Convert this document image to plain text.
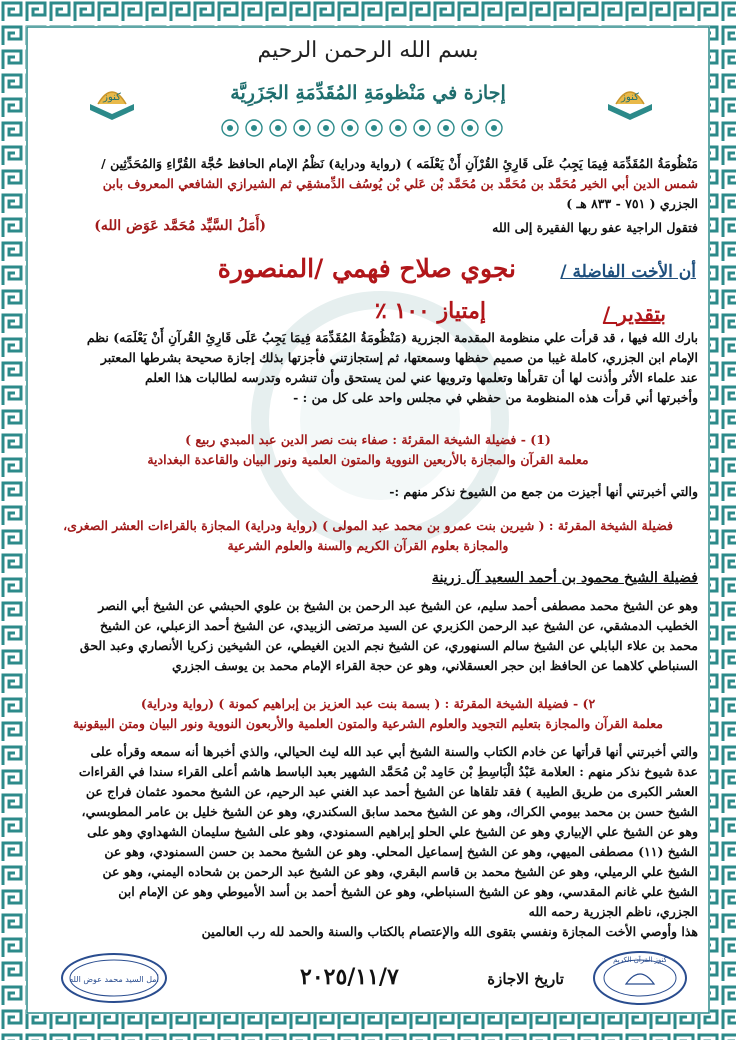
بسم الله الرحمن الرحيم
إجازة في مَنْظومَةِ المُقَدِّمَةِ الجَزَرِيَّة	كنوز
كنوز
مَنْظُومَةُ المُقَدِّمَة فِيمَا يَجِبُ عَلَى قَارِئِ القُرْآنِ أَنْ يَعْلَمَه ) (رواية ودراية) نَظْمُ الإمام الحافظ حُجَّة القُرَّاءِ وَالمُحَدِّثِين /
شمس الدين أبي الخير مُحَمَّد بن مُحَمَّد بن مُحَمَّد بْن عَلي بْن يُوسُف الدِّمشقِي ثم الشيرازي الشافعي المعروف بابن
الجزري ( ٧٥١ - ٨٣٣ هـ )
فتقول الراجية عفو ربها الفقيرة إلى الله
(أَمَلُ السَّيِّد مُحَمَّد عَوَض الله)
أن الأخت الفاضلة /
نجوي صلاح فهمي /المنصورة
بتقدير /
إمتياز ١٠٠ ٪
بارك الله فيها ، قد قرأت علي منظومة المقدمة الجزرية (مَنْظُومَةُ المُقَدِّمَة فِيمَا يَجِبُ عَلَى قَارِئِ القُرآنِ أَنْ يَعْلَمَه) نظم
الإمام ابن الجزري، كاملة غيبا من صميم حفظها وسمعتها، ثم إستجازتني فأجزتها بذلك إجازة صحيحة بشرطها المعتبر
عند علماء الأثر وأذنت لها أن تقرأها وتعلمها وترويها عني لمن يستحق وأن تنشره وتدرسه لطالبات هذا العلم
وأخبرتها أني قرأت هذه المنظومة من حفظي في مجلس واحد على كل من : -
(1) - فضيلة الشيخة المقرئة : صفاء بنت نصر الدين عبد المبدي ربيع )
معلمة القرآن والمجازة بالأربعين النووية والمتون العلمية ونور البيان والقاعدة البغدادية
والتي أخبرتني أنها أجيزت من جمع من الشيوخ نذكر منهم :-
فضيلة الشيخة المقرئة : ( شيرين بنت عمرو بن محمد عبد المولى ) (رواية ودراية) المجازة بالقراءات العشر الصغرى،
والمجازة بعلوم القرآن الكريم والسنة والعلوم الشرعية
فضيلة الشيخ محمود بن أحمد السعيد آل زرينة
وهو عن الشيخ محمد مصطفى أحمد سليم، عن الشيخ عبد الرحمن بن الشيخ بن علوي الحبشي عن الشيخ أبي النصر
الخطيب الدمشقي، عن الشيخ عبد الرحمن الكزبري عن السيد مرتضى الزبيدي، عن الشيخ أحمد الزعبلي، عن الشيخ
محمد بن علاء البابلي عن الشيخ سالم السنهوري، عن الشيخ نجم الدين الغيطي، عن الشيخين زكريا الأنصاري وعبد الحق
السنباطي كلاهما عن الحافظ ابن حجر العسقلاني، وهو عن حجة القراء الإمام محمد بن يوسف الجزري
٢) - فضيلة الشيخة المقرئة : ( بسمة بنت عبد العزيز بن إبراهيم كمونة ) (رواية ودراية)
معلمة القرآن والمجازة بتعليم التجويد والعلوم الشرعية والمتون العلمية والأربعون النووية ونور البيان ومتن البيقونية
والتي أخبرتني أنها قرأتها عن خادم الكتاب والسنة الشيخ أبي عبد الله ليث الحيالي، والذي أخبرها أنه سمعه وقرأه على
عدة شيوخ نذكر منهم : العلامة عَبْدُ الْبَاسِطِ بْن حَامِد بْن مُحَمَّد الشهير بعبد الباسط هاشم أعلى القراء سندا في القراءات
العشر الكبرى من طريق الطيبة ) فقد تلقاها عن الشيخ أحمد عبد الغني عبد الرحيم، عن الشيخ محمود عثمان فراج عن
الشيخ حسن بن محمد بيومي الكراك، وهو عن الشيخ محمد سابق السكندري، وهو عن الشيخ خليل بن عامر المطوبسي،
وهو عن الشيخ علي الإبياري وهو عن الشيخ علي الحلو إبراهيم السمنودي، وهو على الشيخ سليمان الشهداوي وهو على
الشيخ (١١) مصطفى الميهي، وهو عن الشيخ إسماعيل المحلي. وهو عن الشيخ محمد بن حسن السمنودي، وهو عن
الشيخ علي الرميلي، وهو عن الشيخ محمد بن قاسم البقري، وهو عن الشيخ عبد الرحمن بن شحاده اليمني، وهو عن
الشيخ علي غانم المقدسي، وهو عن الشيخ السنباطي، وهو عن الشيخ أحمد بن أسد الأميوطي وهو عن الإمام ابن
الجزري، ناظم الجزرية رحمه الله
هذا وأوصي الأخت المجازة ونفسي بتقوى الله والإعتصام بالكتاب والسنة والحمد لله رب العالمين
تاريخ الاجازة
٢٠٢٥/١١/٧
أمل السيد محمد عوض الله
كنوز القرآن الكريم
